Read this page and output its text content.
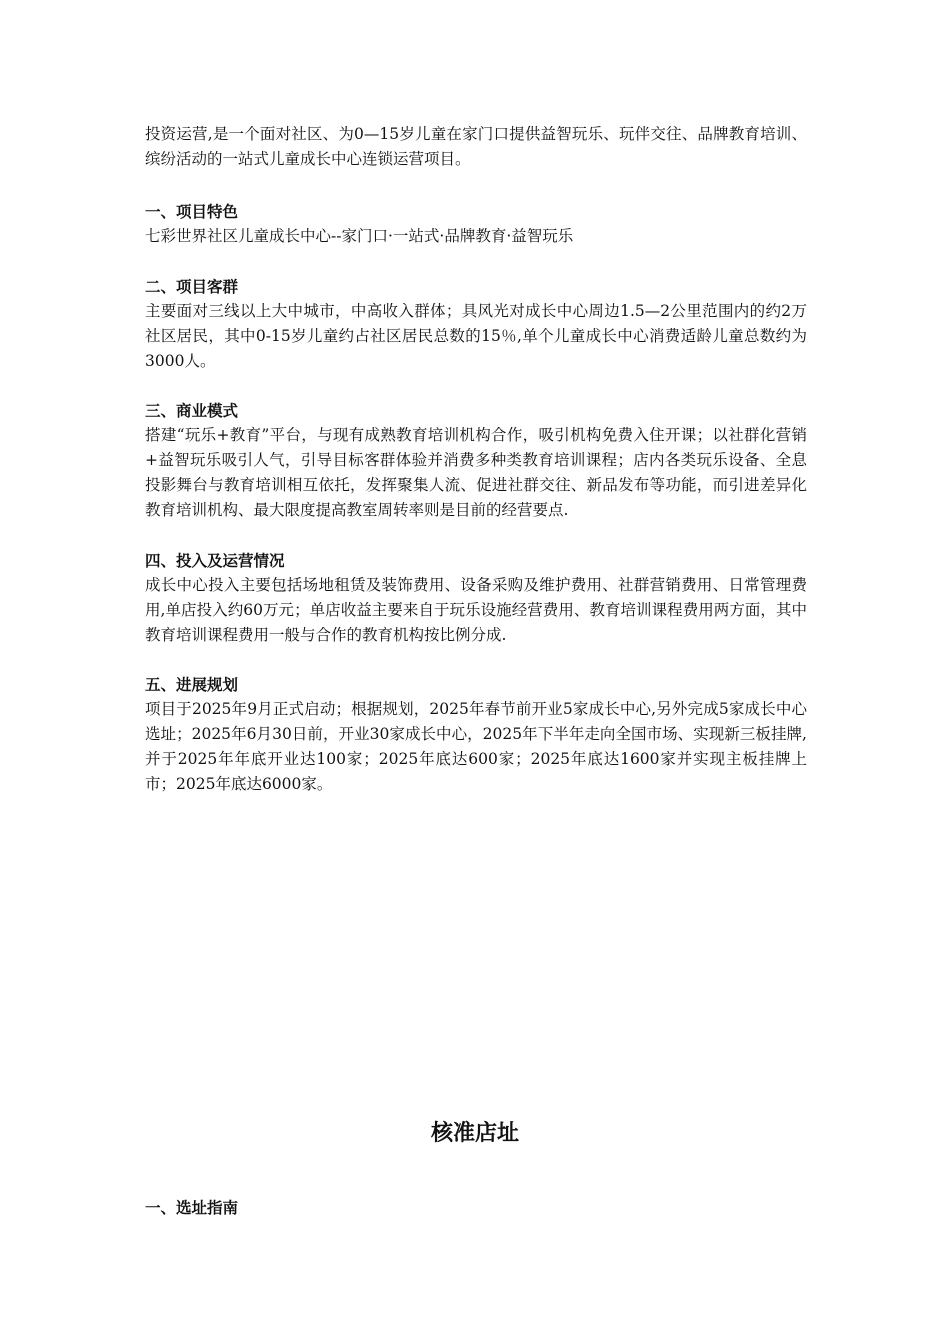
投资运营,是一个面对社区、为0—15岁儿童在家门口提供益智玩乐、玩伴交往、品牌教育培训、缤纷活动的一站式儿童成长中心连锁运营项目。

一、项目特色

七彩世界社区儿童成长中心--家门口·一站式·品牌教育·益智玩乐

二、项目客群

主要面对三线以上大中城市，中高收入群体；具风光对成长中心周边1.5—2公里范围内的约2万社区居民，其中0-15岁儿童约占社区居民总数的15％,单个儿童成长中心消费适龄儿童总数约为3000人。

三、商业模式

搭建“玩乐+教育”平台，与现有成熟教育培训机构合作，吸引机构免费入住开课；以社群化营销+益智玩乐吸引人气，引导目标客群体验并消费多种类教育培训课程；店内各类玩乐设备、全息投影舞台与教育培训相互依托，发挥聚集人流、促进社群交往、新品发布等功能，而引进差异化教育培训机构、最大限度提高教室周转率则是目前的经营要点.

四、投入及运营情况

成长中心投入主要包括场地租赁及装饰费用、设备采购及维护费用、社群营销费用、日常管理费用,单店投入约60万元；单店收益主要来自于玩乐设施经营费用、教育培训课程费用两方面，其中教育培训课程费用一般与合作的教育机构按比例分成.

五、进展规划

项目于2025年9月正式启动；根据规划，2025年春节前开业5家成长中心,另外完成5家成长中心选址；2025年6月30日前，开业30家成长中心，2025年下半年走向全国市场、实现新三板挂牌,并于2025年年底开业达100家；2025年底达600家；2025年底达1600家并实现主板挂牌上市；2025年底达6000家。

核准店址

一、选址指南
